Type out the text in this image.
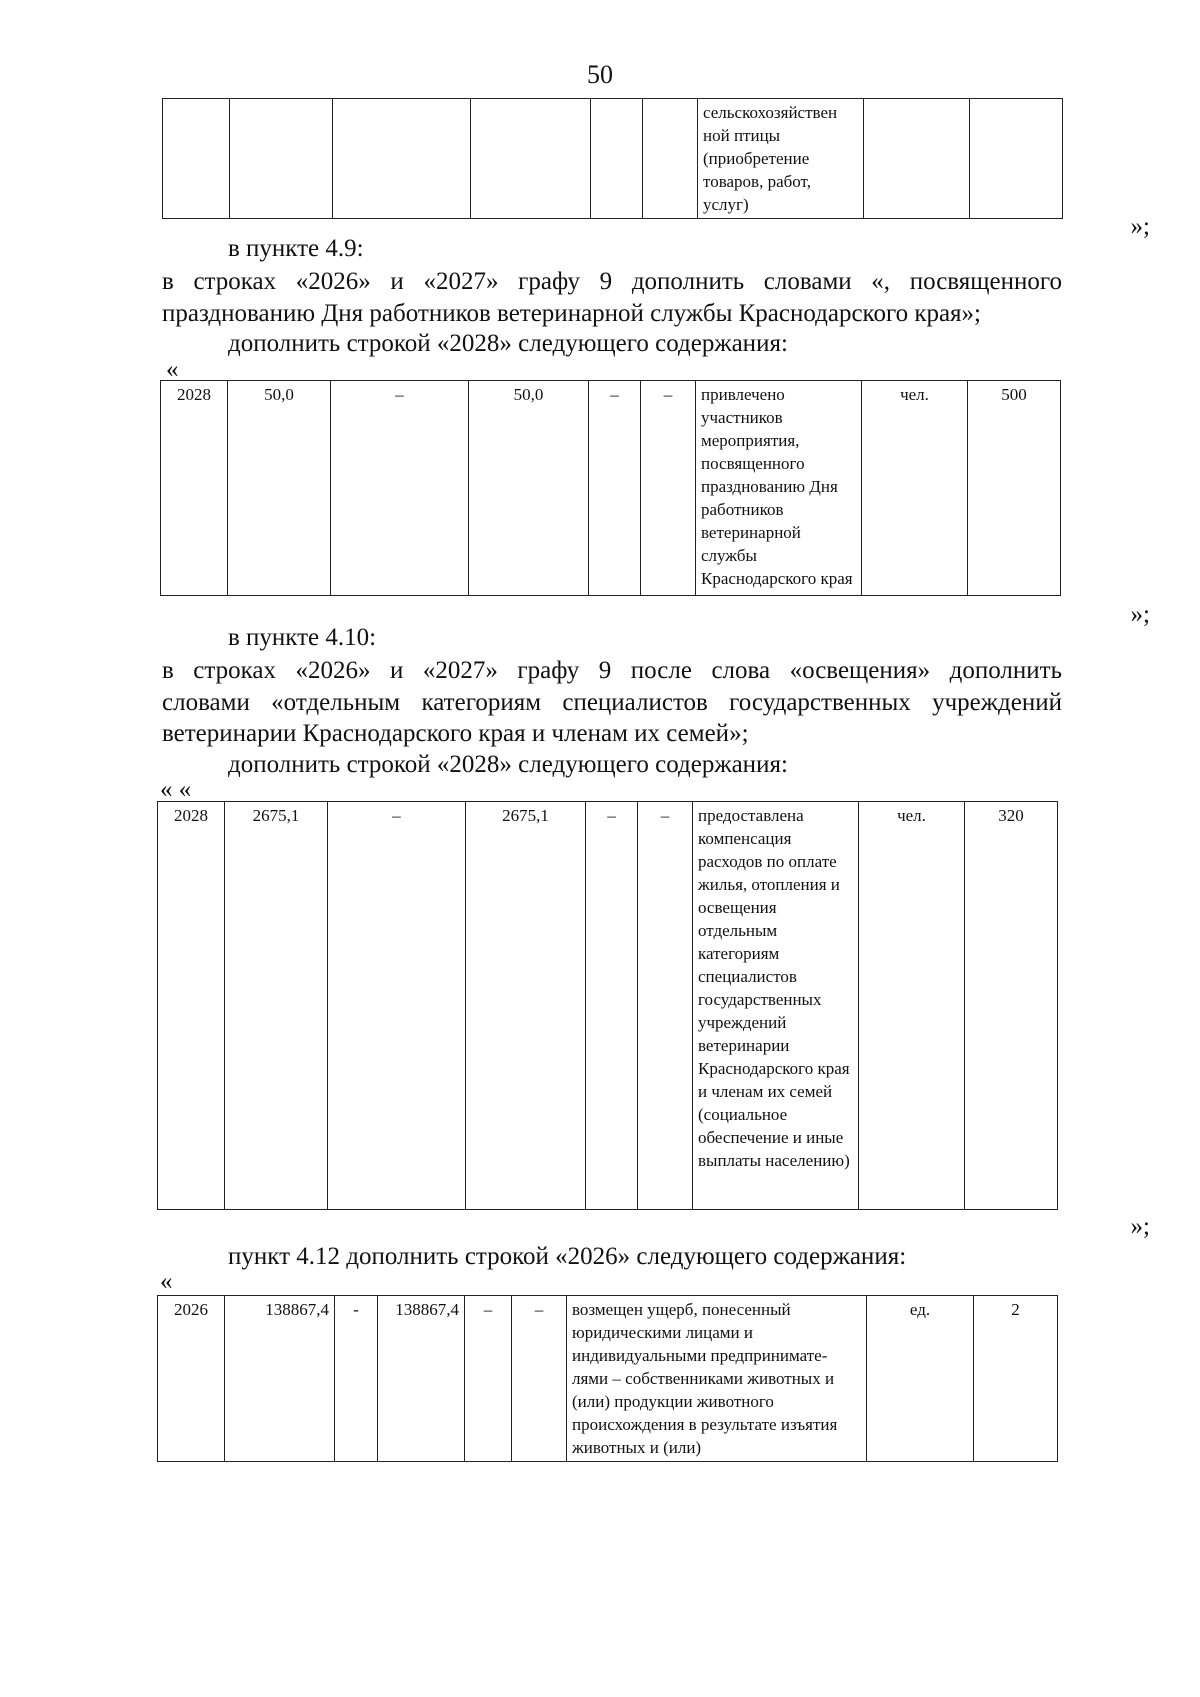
50
						сельскохозяйствен ной птицы (приобретение товаров, работ, услуг)		
»;

в пункте 4.9:

в строках «2026» и «2027» графу 9 дополнить словами «, посвященного

празднованию Дня работников ветеринарной службы Краснодарского края»;

дополнить строкой «2028» следующего содержания:

«
2028	50,0	–	50,0	–	–	привлечено участников мероприятия, посвященного празднованию Дня работников ветеринарной службы Краснодарского края	чел.	500
»;

в пункте 4.10:

в строках «2026» и «2027» графу 9 после слова «освещения» дополнить

словами «отдельным категориям специалистов государственных учреждений

ветеринарии Краснодарского края и членам их семей»;

дополнить строкой «2028» следующего содержания:

« «
2028	2675,1	–	2675,1	–	–	предоставлена компенсация расходов по оплате жилья, отопления и освещения отдельным категориям специалистов государственных учреждений ветеринарии Краснодарского края и членам их семей (социальное обеспечение и иные выплаты населению)	чел.	320
»;

пункт 4.12 дополнить строкой «2026» следующего содержания:

«
2026	138867,4	-	138867,4	–	–	возмещен ущерб, понесенный юридическими лицами и индивидуальными предпринимате-лями – собственниками животных и (или) продукции животного происхождения в результате изъятия животных и (или)	ед.	2
